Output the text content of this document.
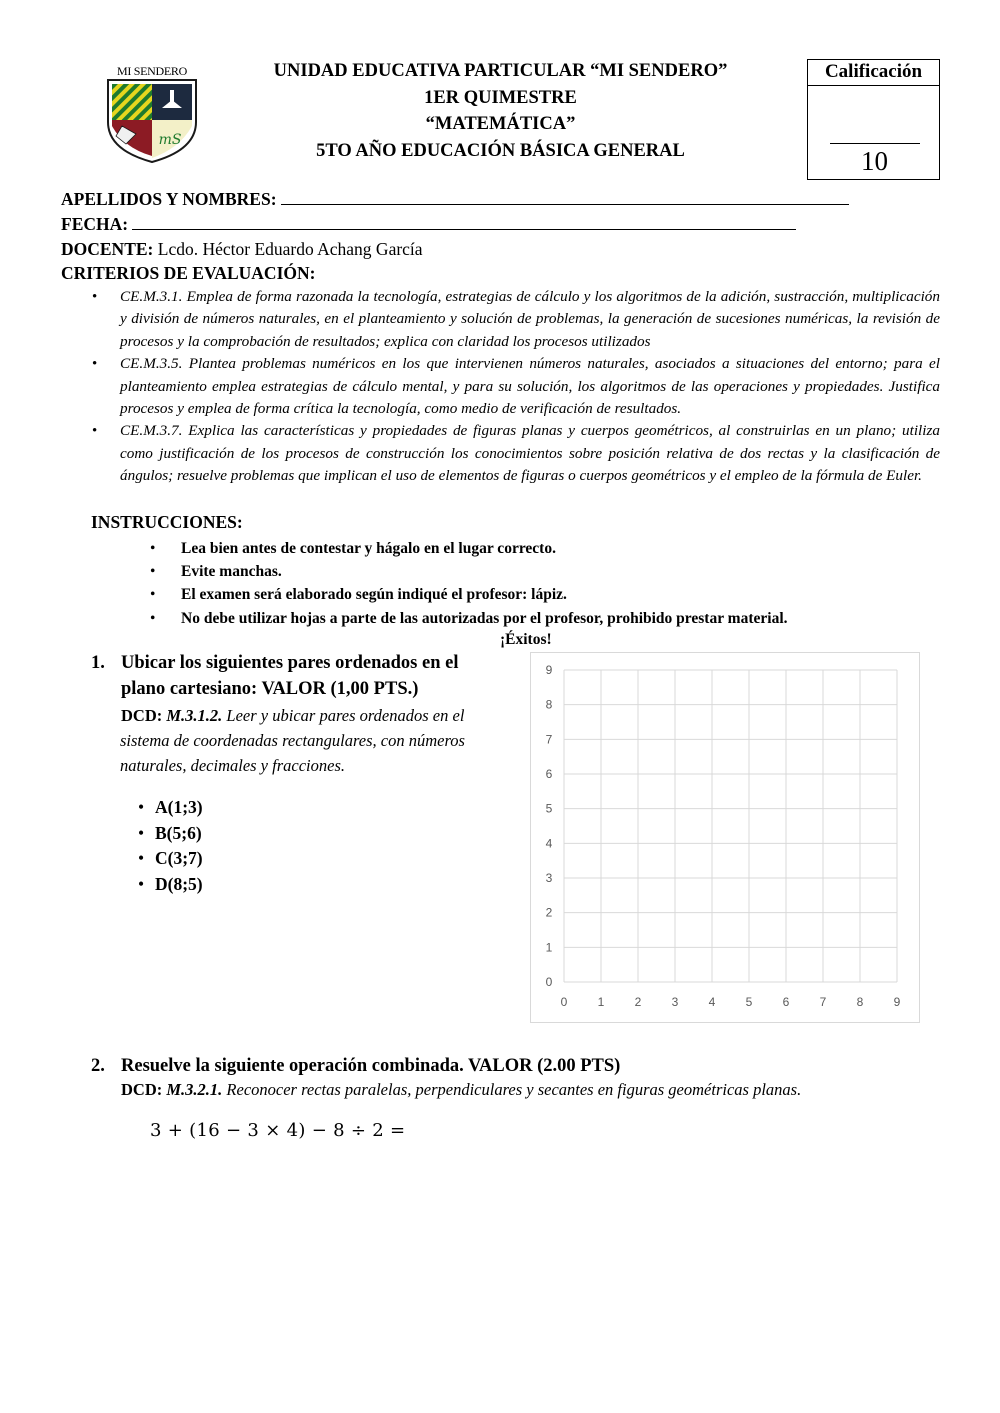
mS
MI SENDERO	UNIDAD EDUCATIVA PARTICULAR “MI SENDERO”
1ER QUIMESTRE
“MATEMÁTICA”
5TO AÑO EDUCACIÓN BÁSICA GENERAL
Calificación
10
APELLIDOS Y NOMBRES:
FECHA:
DOCENTE: Lcdo. Héctor Eduardo Achang García
CRITERIOS DE EVALUACIÓN:
• CE.M.3.1. Emplea de forma razonada la tecnología, estrategias de cálculo y los algoritmos de la adición, sustracción, multiplicación y división de números naturales, en el planteamiento y solución de problemas, la generación de sucesiones numéricas, la revisión de procesos y la comprobación de resultados; explica con claridad los procesos utilizados
• CE.M.3.5. Plantea problemas numéricos en los que intervienen números naturales, asociados a situaciones del entorno; para el planteamiento emplea estrategias de cálculo mental, y para su solución, los algoritmos de las operaciones y propiedades. Justifica procesos y emplea de forma crítica la tecnología, como medio de verificación de resultados.
• CE.M.3.7. Explica las características y propiedades de figuras planas y cuerpos geométricos, al construirlas en un plano; utiliza como justificación de los procesos de construcción los conocimientos sobre posición relativa de dos rectas y la clasificación de ángulos; resuelve problemas que implican el uso de elementos de figuras o cuerpos geométricos y el empleo de la fórmula de Euler.
INSTRUCCIONES:
• Lea bien antes de contestar y hágalo en el lugar correcto.
• Evite manchas.
• El examen será elaborado según indiqué el profesor: lápiz.
• No debe utilizar hojas a parte de las autorizadas por el profesor, prohibido prestar material.
¡Éxitos!
1. Ubicar los siguientes pares ordenados en el
plano cartesiano: VALOR (1,00 PTS.)
DCD: M.3.1.2. Leer y ubicar pares ordenados en el
sistema de coordenadas rectangulares, con números
naturales, decimales y fracciones.
• A(1;3)
• B(5;6)
• C(3;7)
• D(8;5)
0	1	2	3	4	5	6	7	8	9
0
1
2
3
4
5
6
7
8
9
2. Resuelve la siguiente operación combinada. VALOR (2.00 PTS)
DCD: M.3.2.1. Reconocer rectas paralelas, perpendiculares y secantes en figuras geométricas planas.
3 + (16 − 3 × 4) − 8 ÷ 2 =
